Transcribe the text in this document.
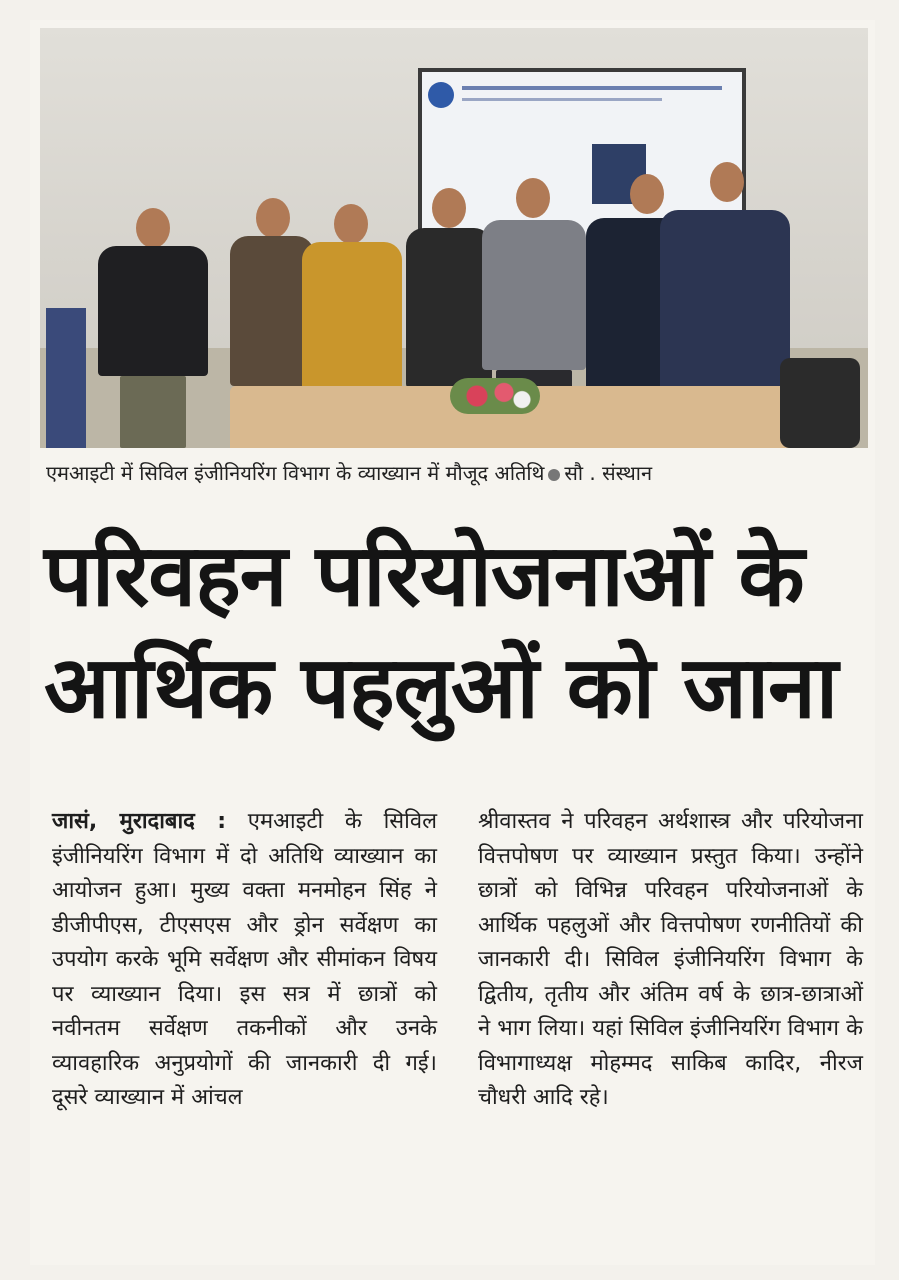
एमआइटी में सिविल इंजीनियरिंग विभाग के व्याख्यान में मौजूद अतिथि सौ . संस्थान
परिवहन परियोजनाओं के
आर्थिक पहलुओं को जाना
जासं, मुरादाबाद : एमआइटी के सिविल इंजीनियरिंग विभाग में दो अतिथि व्याख्यान का आयोजन हुआ। मुख्य वक्ता मनमोहन सिंह ने डीजीपीएस, टीएसएस और ड्रोन सर्वेक्षण का उपयोग करके भूमि सर्वेक्षण और सीमांकन विषय पर व्याख्यान दिया। इस सत्र में छात्रों को नवीनतम सर्वेक्षण तकनीकों और उनके व्यावहारिक अनुप्रयोगों की जानकारी दी गई। दूसरे व्याख्यान में आंचल
श्रीवास्तव ने परिवहन अर्थशास्त्र और परियोजना वित्तपोषण पर व्याख्यान प्रस्तुत किया। उन्होंने छात्रों को विभिन्न परिवहन परियोजनाओं के आर्थिक पहलुओं और वित्तपोषण रणनीतियों की जानकारी दी। सिविल इंजीनियरिंग विभाग के द्वितीय, तृतीय और अंतिम वर्ष के छात्र-छात्राओं ने भाग लिया। यहां सिविल इंजीनियरिंग विभाग के विभागाध्यक्ष मोहम्मद साकिब कादिर, नीरज चौधरी आदि रहे।
